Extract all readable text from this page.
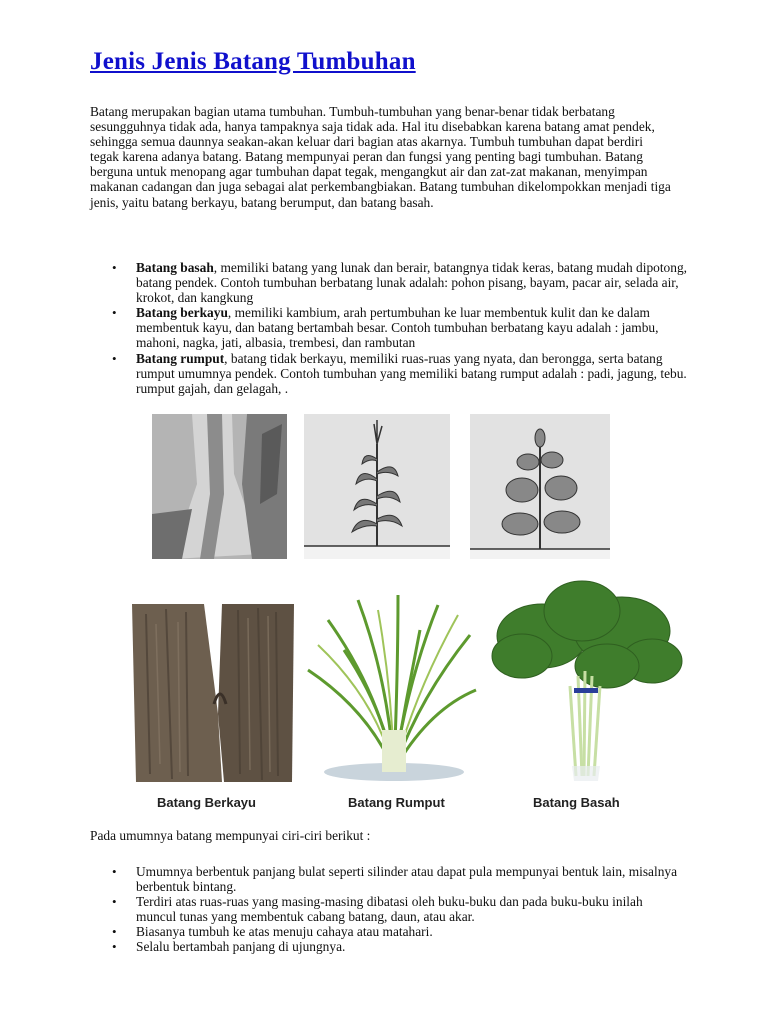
Jenis Jenis Batang Tumbuhan

Batang merupakan bagian utama tumbuhan. Tumbuh-tumbuhan yang benar-benar tidak berbatang sesungguhnya tidak ada, hanya tampaknya saja tidak ada. Hal itu disebabkan karena batang amat pendek, sehingga semua daunnya seakan-akan keluar dari bagian atas akarnya. Tumbuh tumbuhan dapat berdiri tegak karena adanya batang. Batang mempunyai peran dan fungsi yang penting bagi tumbuhan. Batang berguna untuk menopang agar tumbuhan dapat tegak, mengangkut air dan zat-zat makanan, menyimpan makanan cadangan dan juga sebagai alat perkembangbiakan. Batang tumbuhan dikelompokkan menjadi tiga jenis, yaitu batang berkayu, batang berumput, dan batang basah.

• Batang basah, memiliki batang yang lunak dan berair, batangnya tidak keras, batang mudah dipotong, batang pendek. Contoh tumbuhan berbatang lunak adalah: pohon pisang, bayam, pacar air, selada air, krokot, dan kangkung
• Batang berkayu, memiliki kambium, arah pertumbuhan ke luar membentuk kulit dan ke dalam membentuk kayu, dan batang bertambah besar. Contoh tumbuhan berbatang kayu adalah : jambu, mahoni, nagka, jati, albasia, trembesi, dan rambutan
• Batang rumput, batang tidak berkayu, memiliki ruas-ruas yang nyata, dan berongga, serta batang rumput umumnya pendek. Contoh tumbuhan yang memiliki batang rumput adalah : padi, jagung, tebu. rumput gajah, dan gelagah, .
Batang Berkayu	Batang Rumput	Batang Basah

Pada umumnya batang mempunyai ciri-ciri berikut :

• Umumnya berbentuk panjang bulat seperti silinder atau dapat pula mempunyai bentuk lain, misalnya berbentuk bintang.
• Terdiri atas ruas-ruas yang masing-masing dibatasi oleh buku-buku dan pada buku-buku inilah muncul tunas yang membentuk cabang batang, daun, atau akar.
• Biasanya tumbuh ke atas menuju cahaya atau matahari.
• Selalu bertambah panjang di ujungnya.
